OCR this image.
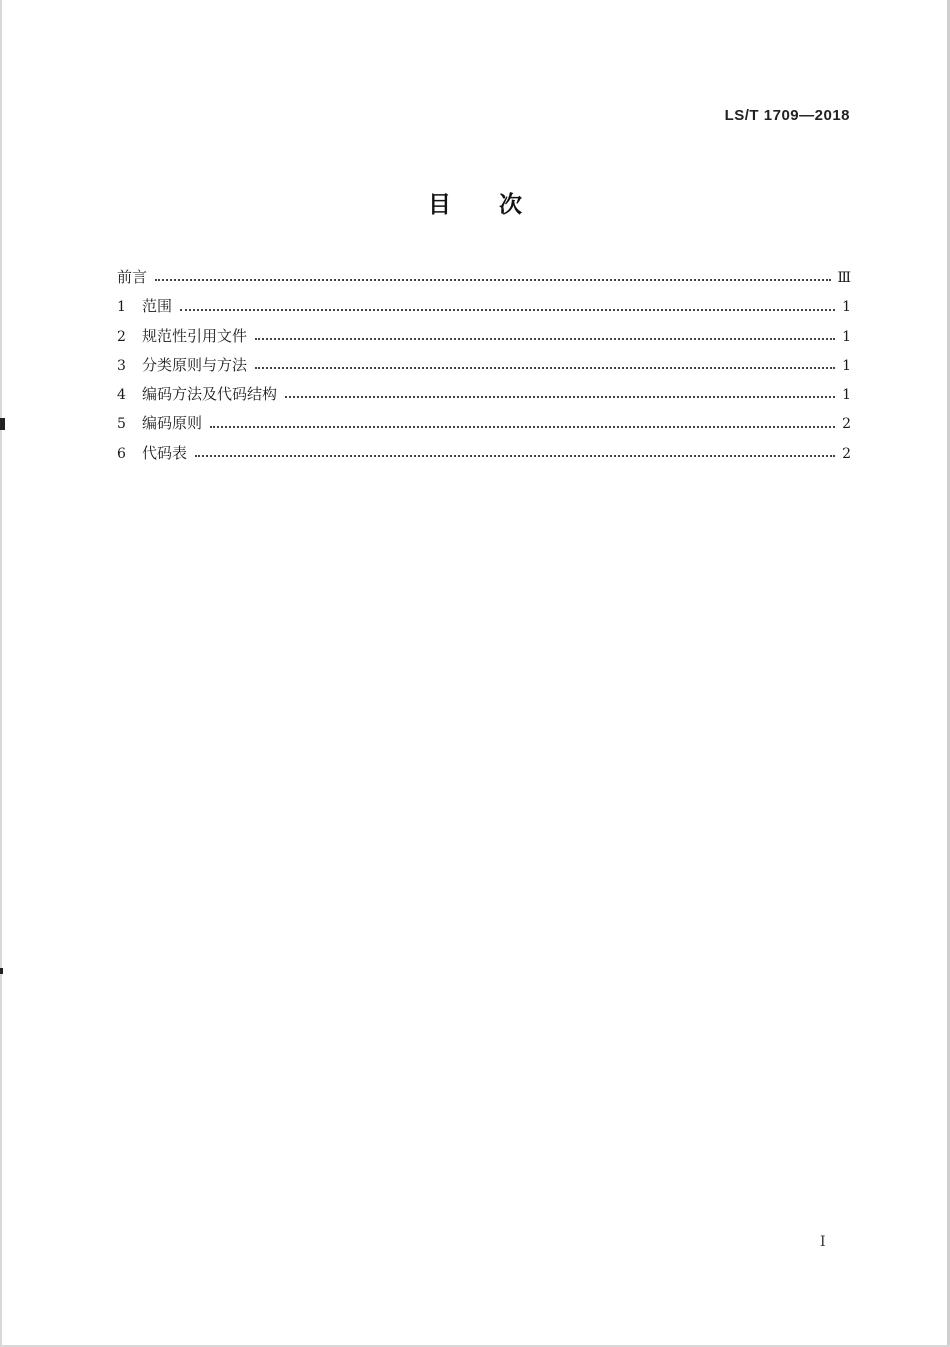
LS/T 1709—2018
目次
前言	Ⅲ
1	范围	1
2	规范性引用文件	1
3	分类原则与方法	1
4	编码方法及代码结构	1
5	编码原则	2
6	代码表	2
I
